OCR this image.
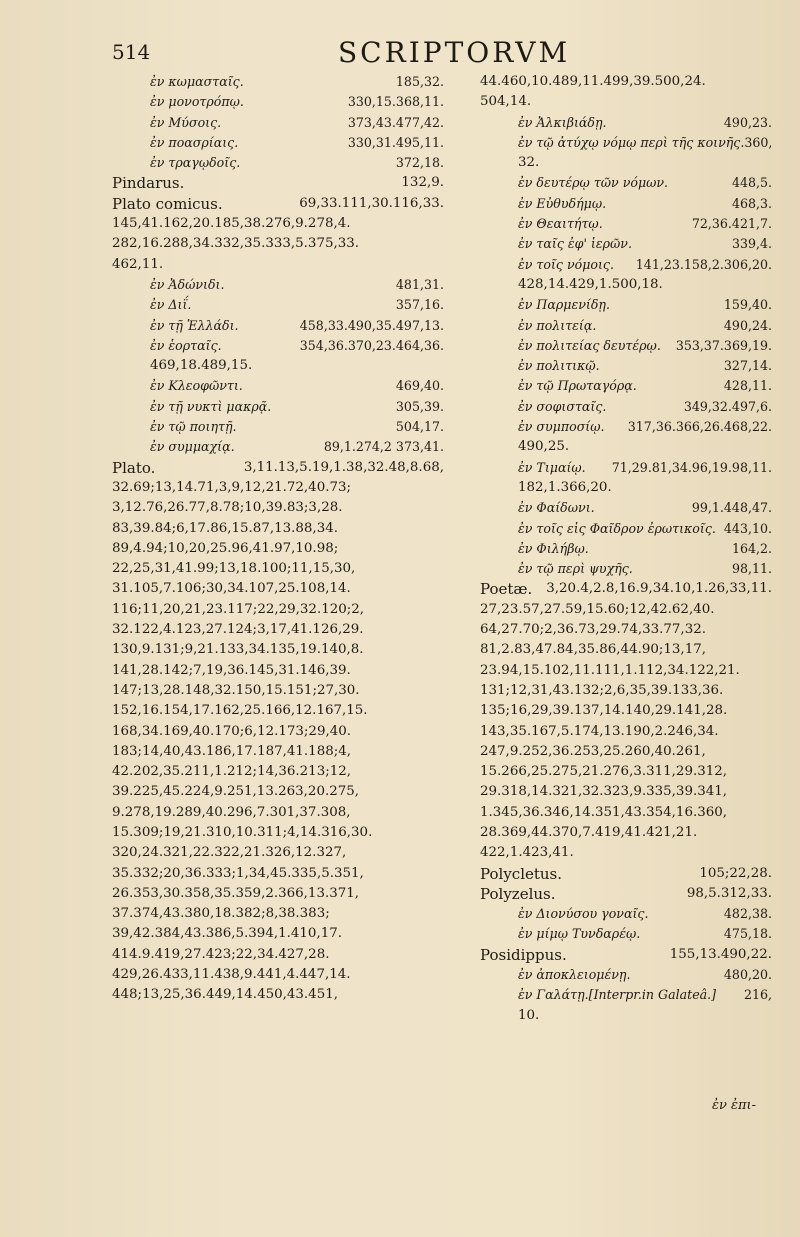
514	SCRIPTORVM
ἐν κωμασταῖς.	185,32.
ἐν μονοτρόπῳ.	330,15.368,11.
ἐν Μύσοις.	373,43.477,42.
ἐν ποασρίαις.	330,31.495,11.
ἐν τραγῳδοῖς.	372,18.
Pindarus.	132,9.
Plato comicus.	69,33.111,30.116,33.
145,41.162,20.185,38.276,9.278,4.
282,16.288,34.332,35.333,5.375,33.
462,11.
ἐν Ἀδώνιδι.	481,31.
ἐν Διΐ.	357,16.
ἐν τῇ Ἑλλάδι.	458,33.490,35.497,13.
ἐν ἑορταῖς.	354,36.370,23.464,36.
469,18.489,15.
ἐν Κλεοφῶντι.	469,40.
ἐν τῇ νυκτὶ μακρᾷ.	305,39.
ἐν τῷ ποιητῇ.	504,17.
ἐν συμμαχίᾳ.	89,1.274,2 373,41.
Plato.	3,11.13,5.19,1.38,32.48,8.68,
32.69;13,14.71,3,9,12,21.72,40.73;
3,12.76,26.77,8.78;10,39.83;3,28.
83,39.84;6,17.86,15.87,13.88,34.
89,4.94;10,20,25.96,41.97,10.98;
22,25,31,41.99;13,18.100;11,15,30,
31.105,7.106;30,34.107,25.108,14.
116;11,20,21,23.117;22,29,32.120;2,
32.122,4.123,27.124;3,17,41.126,29.
130,9.131;9,21.133,34.135,19.140,8.
141,28.142;7,19,36.145,31.146,39.
147;13,28.148,32.150,15.151;27,30.
152,16.154,17.162,25.166,12.167,15.
168,34.169,40.170;6,12.173;29,40.
183;14,40,43.186,17.187,41.188;4,
42.202,35.211,1.212;14,36.213;12,
39.225,45.224,9.251,13.263,20.275,
9.278,19.289,40.296,7.301,37.308,
15.309;19,21.310,10.311;4,14.316,30.
320,24.321,22.322,21.326,12.327,
35.332;20,36.333;1,34,45.335,5.351,
26.353,30.358,35.359,2.366,13.371,
37.374,43.380,18.382;8,38.383;
39,42.384,43.386,5.394,1.410,17.
414.9.419,27.423;22,34.427,28.
429,26.433,11.438,9.441,4.447,14.
448;13,25,36.449,14.450,43.451,
44.460,10.489,11.499,39.500,24.
504,14.
ἐν Ἀλκιβιάδῃ.	490,23.
ἐν τῷ ἀτύχῳ νόμῳ περὶ τῆς κοινῆς. 360,
32.
ἐν δευτέρῳ τῶν νόμων.	448,5.
ἐν Εὐθυδήμῳ.	468,3.
ἐν Θεαιτήτῳ.	72,36.421,7.
ἐν ταῖς ἐφ' ἱερῶν.	339,4.
ἐν τοῖς νόμοις.	141,23.158,2.306,20.
428,14.429,1.500,18.
ἐν Παρμενίδῃ.	159,40.
ἐν πολιτείᾳ.	490,24.
ἐν πολιτείας δευτέρῳ.	353,37.369,19.
ἐν πολιτικῷ.	327,14.
ἐν τῷ Πρωταγόρᾳ.	428,11.
ἐν σοφισταῖς.	349,32.497,6.
ἐν συμποσίῳ.	317,36.366,26.468,22.
490,25.
ἐν Τιμαίῳ.	71,29.81,34.96,19.98,11.
182,1.366,20.
ἐν Φαίδωνι.	99,1.448,47.
ἐν τοῖς εἰς Φαῖδρον ἐρωτικοῖς. 443,10.
ἐν Φιλήβῳ.	164,2.
ἐν τῷ περὶ ψυχῆς.	98,11.
Poetæ.	3,20.4,2.8,16.9,34.10,1.26,33,11.
27,23.57,27.59,15.60;12,42.62,40.
64,27.70;2,36.73,29.74,33.77,32.
81,2.83,47.84,35.86,44.90;13,17,
23.94,15.102,11.111,1.112,34.122,21.
131;12,31,43.132;2,6,35,39.133,36.
135;16,29,39.137,14.140,29.141,28.
143,35.167,5.174,13.190,2.246,34.
247,9.252,36.253,25.260,40.261,
15.266,25.275,21.276,3.311,29.312,
29.318,14.321,32.323,9.335,39.341,
1.345,36.346,14.351,43.354,16.360,
28.369,44.370,7.419,41.421,21.
422,1.423,41.
Polycletus.	105;22,28.
Polyzelus.	98,5.312,33.
ἐν Διονύσου γοναῖς.	482,38.
ἐν μίμῳ Τυνδαρέῳ.	475,18.
Posidippus.	155,13.490,22.
ἐν ἀποκλειομένῃ.	480,20.
ἐν Γαλάτῃ.[Interpr.in Galateâ.]	216,
10.
ἐν ἐπι-
